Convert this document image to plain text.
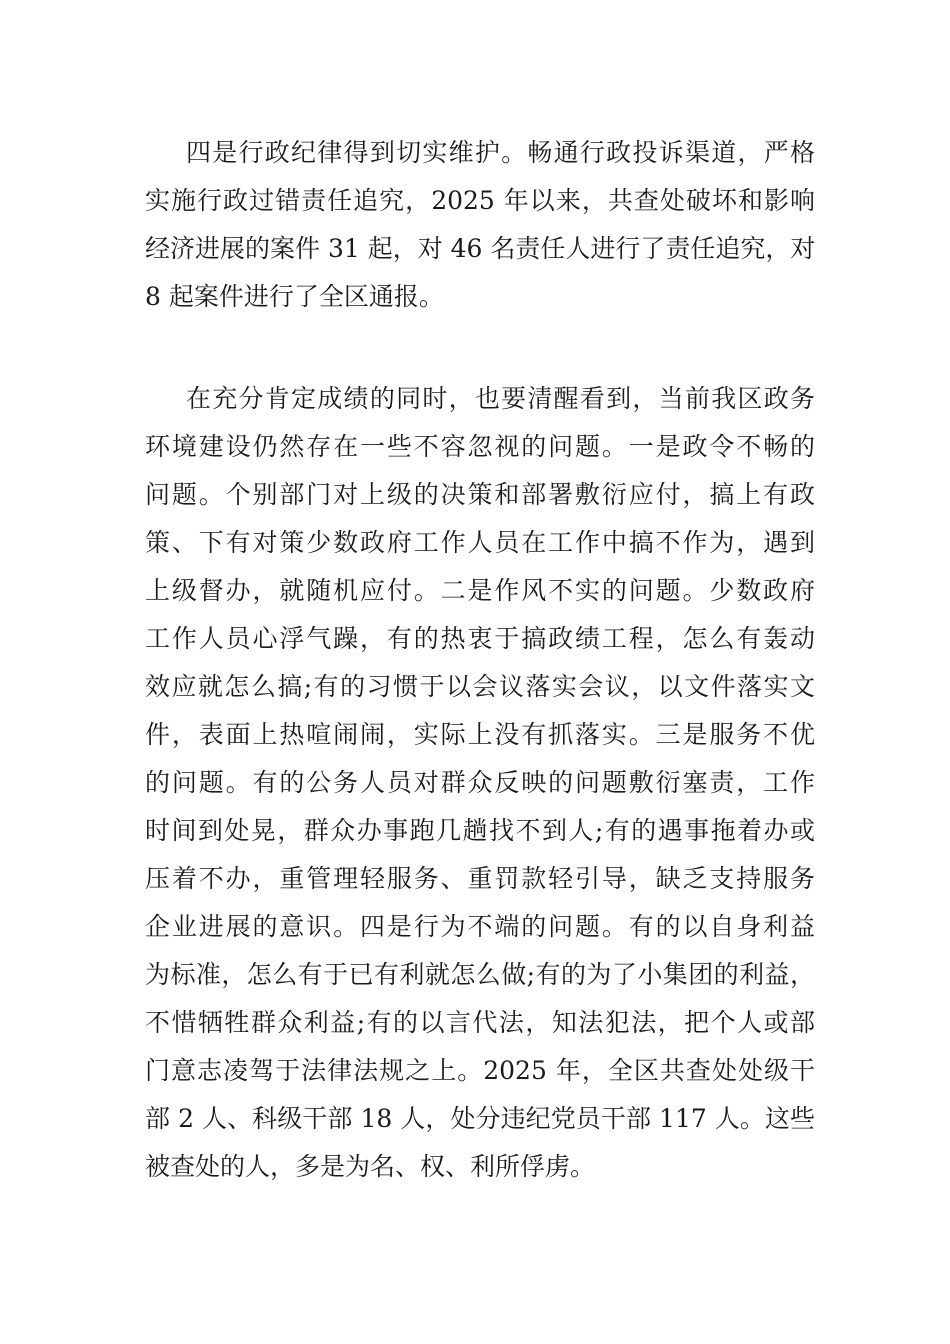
四是行政纪律得到切实维护。畅通行政投诉渠道，严格
实施行政过错责任追究，2025 年以来，共查处破坏和影响
经济进展的案件 31 起，对 46 名责任人进行了责任追究，对
8 起案件进行了全区通报。

在充分肯定成绩的同时，也要清醒看到，当前我区政务
环境建设仍然存在一些不容忽视的问题。一是政令不畅的
问题。个别部门对上级的决策和部署敷衍应付，搞上有政
策、下有对策少数政府工作人员在工作中搞不作为，遇到
上级督办，就随机应付。二是作风不实的问题。少数政府
工作人员心浮气躁，有的热衷于搞政绩工程，怎么有轰动
效应就怎么搞;有的习惯于以会议落实会议，以文件落实文
件，表面上热喧闹闹，实际上没有抓落实。三是服务不优
的问题。有的公务人员对群众反映的问题敷衍塞责，工作
时间到处晃，群众办事跑几趟找不到人;有的遇事拖着办或
压着不办，重管理轻服务、重罚款轻引导，缺乏支持服务
企业进展的意识。四是行为不端的问题。有的以自身利益
为标准，怎么有于已有利就怎么做;有的为了小集团的利益，
不惜牺牲群众利益;有的以言代法，知法犯法，把个人或部
门意志凌驾于法律法规之上。2025 年，全区共查处处级干
部 2 人、科级干部 18 人，处分违纪党员干部 117 人。这些
被查处的人，多是为名、权、利所俘虏。
